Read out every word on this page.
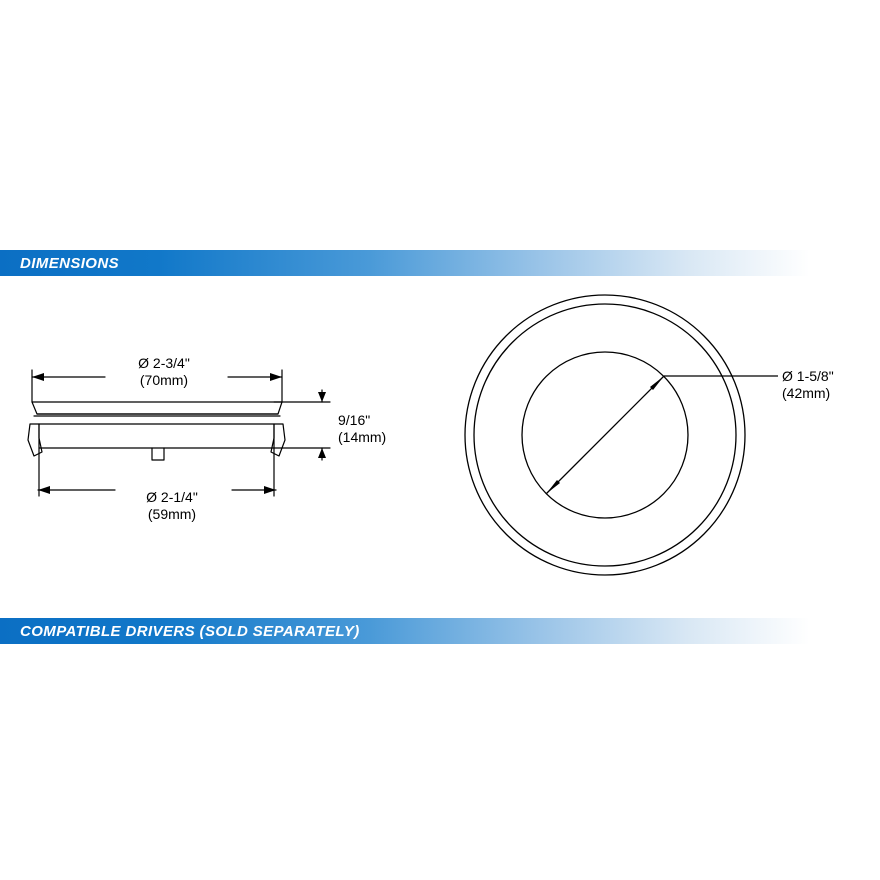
DIMENSIONS
Ø 2-3/4"
(70mm)
Ø 2-1/4"
(59mm)
9/16"
(14mm)
Ø 1-5/8"
(42mm)
COMPATIBLE DRIVERS (SOLD SEPARATELY)
